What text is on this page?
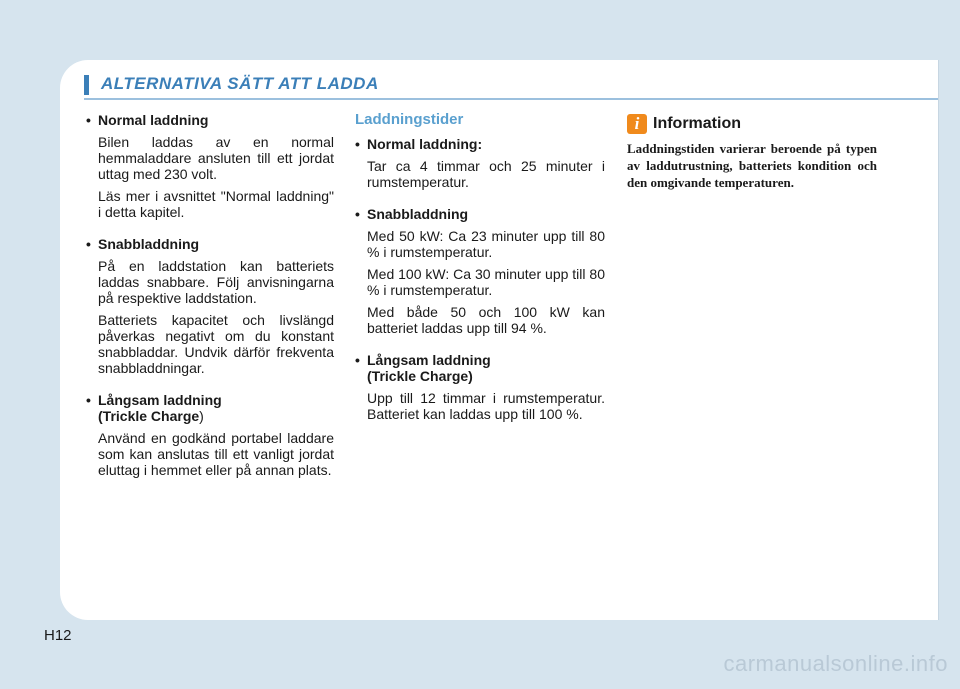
ALTERNATIVA SÄTT ATT LADDA
• Normal laddning
Bilen laddas av en normal hemmaladdare ansluten till ett jordat uttag med 230 volt.
Läs mer i avsnittet "Normal laddning" i detta kapitel.
• Snabbladdning
På en laddstation kan batteriets laddas snabbare. Följ anvisningarna på respektive laddstation.
Batteriets kapacitet och livslängd påverkas negativt om du konstant snabbladdar. Undvik därför frekventa snabbladdningar.
• Långsam laddning
(Trickle Charge)
Använd en godkänd portabel laddare som kan anslutas till ett vanligt jordat eluttag i hemmet eller på annan plats.
Laddningstider
• Normal laddning:
Tar ca 4 timmar och 25 minuter i rumstemperatur.
• Snabbladdning
Med 50 kW: Ca 23 minuter upp till 80 % i rumstemperatur.
Med 100 kW: Ca 30 minuter upp till 80 % i rumstemperatur.
Med både 50 och 100 kW kan batteriet laddas upp till 94 %.
• Långsam laddning
(Trickle Charge)
Upp till 12 timmar i rumstemperatur. Batteriet kan laddas upp till 100 %.
i Information
Laddningstiden varierar beroende på typen av laddutrustning, batteriets kondition och den omgivande temperaturen.
H12
carmanualsonline.info
